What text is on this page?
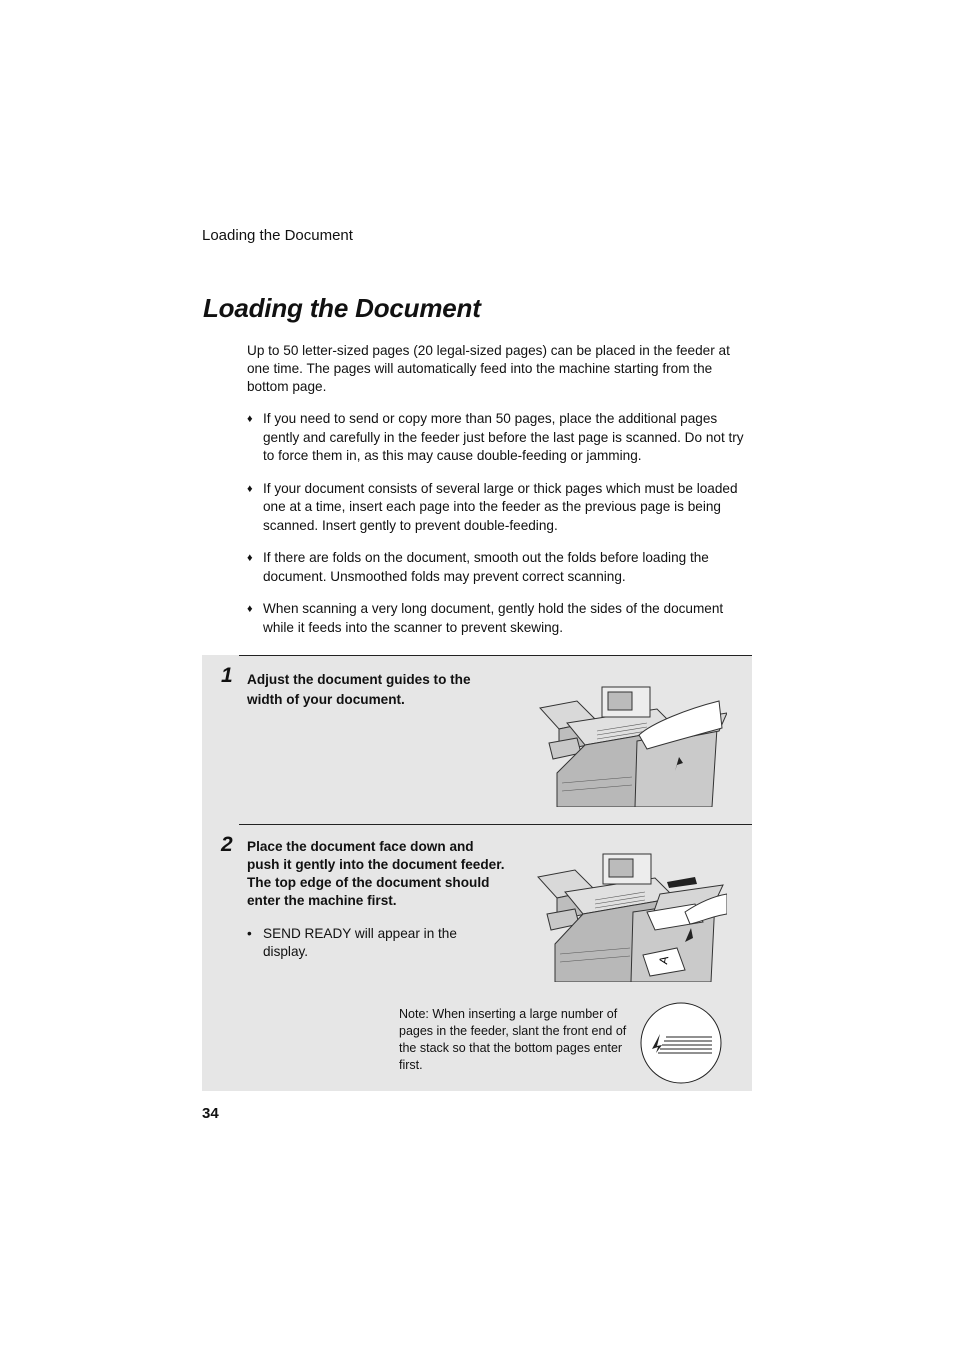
Loading the Document
Loading the Document

Up to 50 letter-sized pages (20 legal-sized pages) can be placed in the feeder at one time. The pages will automatically feed into the machine starting from the bottom page.

♦ If you need to send or copy more than 50 pages, place the additional pages gently and carefully in the feeder just before the last page is scanned. Do not try to force them in, as this may cause double-feeding or jamming.
♦ If your document consists of several large or thick pages which must be loaded one at a time, insert each page into the feeder as the previous page is being scanned. Insert gently to prevent double-feeding.
♦ If there are folds on the document, smooth out the folds before loading the document. Unsmoothed folds may prevent correct scanning.
♦ When scanning a very long document, gently hold the sides of the document while it feeds into the scanner to prevent skewing.
1 Adjust the document guides to the width of your document.
2 Place the document face down and push it gently into the document feeder. The top edge of the document should enter the machine first.
• SEND READY will appear in the display.
A
Note: When inserting a large number of pages in the feeder, slant the front end of the stack so that the bottom pages enter first.
34
